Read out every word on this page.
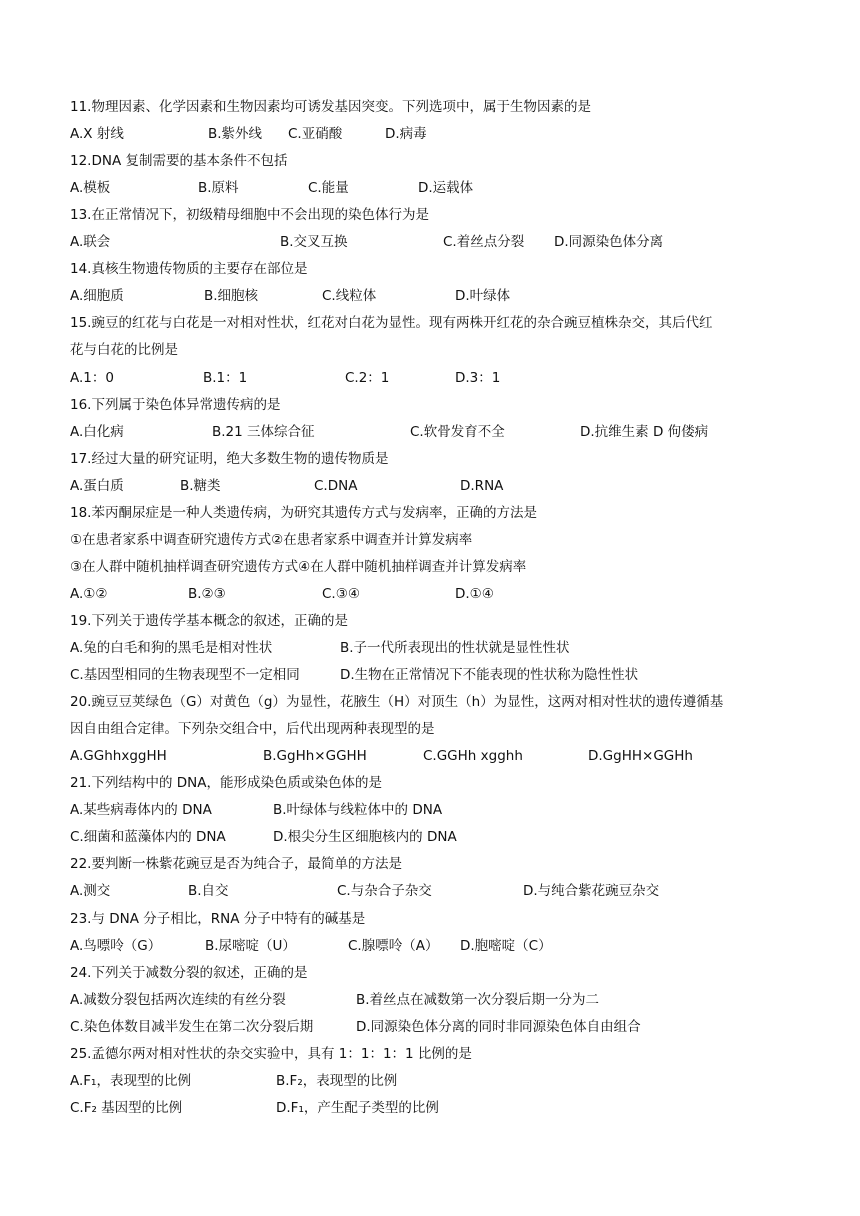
11.物理因素、化学因素和生物因素均可诱发基因突变。下列选项中，属于生物因素的是
A.X 射线	B.紫外线 C.亚硝酸	D.病毒
12.DNA 复制需要的基本条件不包括
A.模板	B.原料	C.能量	D.运载体
13.在正常情况下，初级精母细胞中不会出现的染色体行为是
A.联会	B.交叉互换	C.着丝点分裂 D.同源染色体分离
14.真核生物遗传物质的主要存在部位是
A.细胞质	B.细胞核	C.线粒体	D.叶绿体
15.豌豆的红花与白花是一对相对性状，红花对白花为显性。现有两株开红花的杂合豌豆植株杂交，其后代红
花与白花的比例是
A.1：0	B.1：1	C.2：1	D.3：1
16.下列属于染色体异常遗传病的是
A.白化病	B.21 三体综合征	C.软骨发育不全	D.抗维生素 D 佝偻病
17.经过大量的研究证明，绝大多数生物的遗传物质是
A.蛋白质	B.糖类	C.DNA	D.RNA
18.苯丙酮尿症是一种人类遗传病，为研究其遗传方式与发病率，正确的方法是
①在患者家系中调查研究遗传方式②在患者家系中调查并计算发病率
③在人群中随机抽样调查研究遗传方式④在人群中随机抽样调查并计算发病率
A.①②	B.②③	C.③④	D.①④
19.下列关于遗传学基本概念的叙述，正确的是
A.兔的白毛和狗的黑毛是相对性状	B.子一代所表现出的性状就是显性性状
C.基因型相同的生物表现型不一定相同	D.生物在正常情况下不能表现的性状称为隐性性状
20.豌豆豆荚绿色（G）对黄色（g）为显性，花腋生（H）对顶生（h）为显性，这两对相对性状的遗传遵循基
因自由组合定律。下列杂交组合中，后代出现两种表现型的是
A.GGhhxggHH	B.GgHh×GGHH	C.GGHh xgghh	D.GgHH×GGHh
21.下列结构中的 DNA，能形成染色质或染色体的是
A.某些病毒体内的 DNA	B.叶绿体与线粒体中的 DNA
C.细菌和蓝藻体内的 DNA	D.根尖分生区细胞核内的 DNA
22.要判断一株紫花豌豆是否为纯合子，最简单的方法是
A.测交	B.自交	C.与杂合子杂交	D.与纯合紫花豌豆杂交
23.与 DNA 分子相比，RNA 分子中特有的碱基是
A.鸟嘌呤（G）	B.尿嘧啶（U）	C.腺嘌呤（A） D.胞嘧啶（C）
24.下列关于减数分裂的叙述，正确的是
A.减数分裂包括两次连续的有丝分裂	B.着丝点在减数第一次分裂后期一分为二
C.染色体数目减半发生在第二次分裂后期	D.同源染色体分离的同时非同源染色体自由组合
25.孟德尔两对相对性状的杂交实验中，具有 1：1：1：1 比例的是
A.F₁，表现型的比例	B.F₂，表现型的比例
C.F₂ 基因型的比例	D.F₁，产生配子类型的比例
